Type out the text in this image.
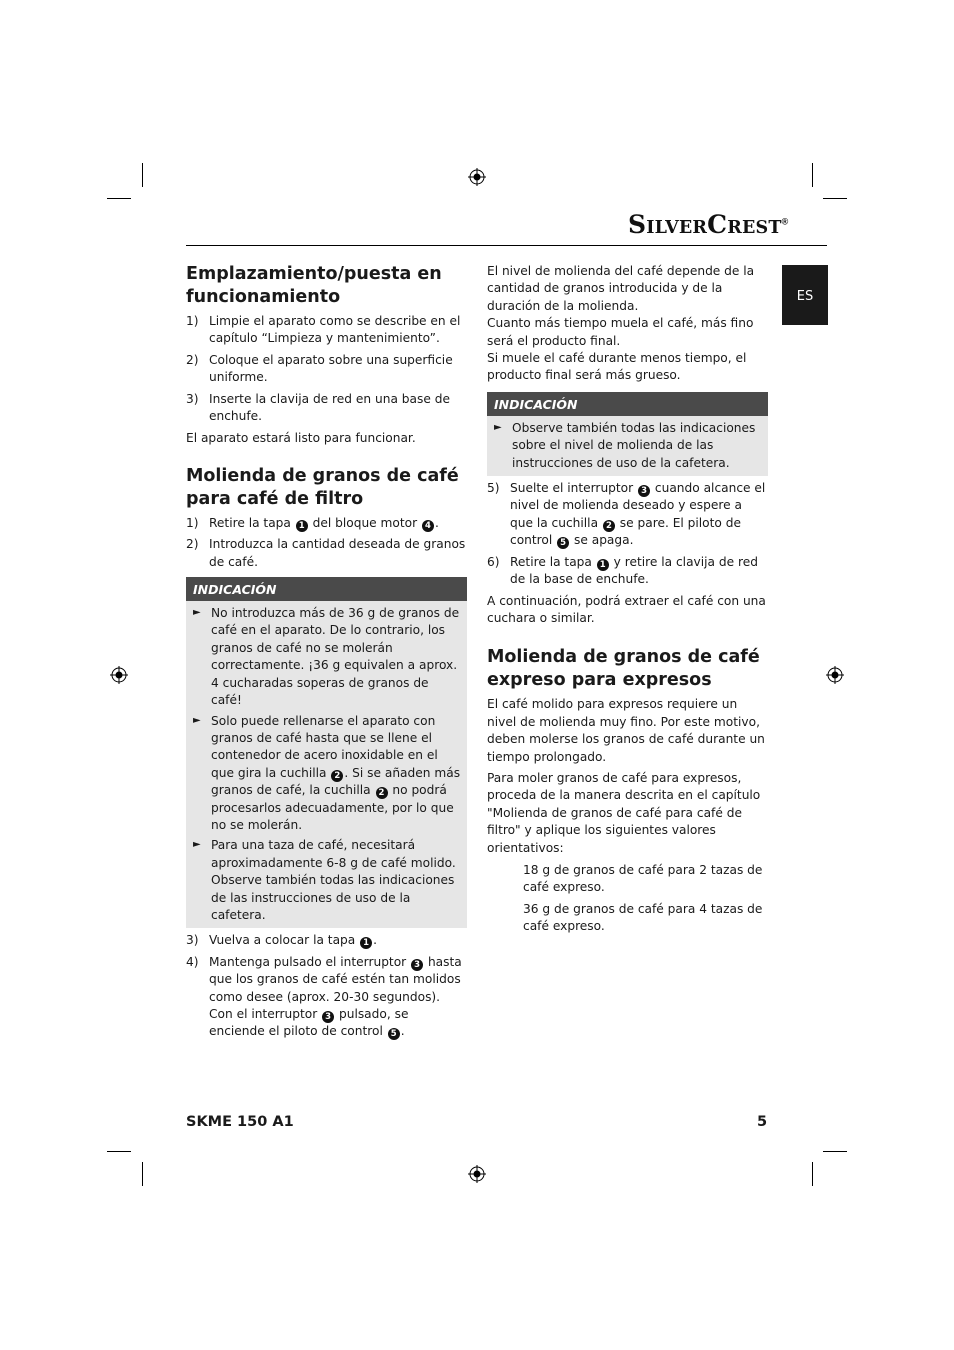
SILVERCREST®
ES
Emplazamiento/puesta en funcionamiento
1) Limpie el aparato como se describe en el capítulo “Limpieza y mantenimiento”.
2) Coloque el aparato sobre una superficie uniforme.
3) Inserte la clavija de red en una base de enchufe.

El aparato estará listo para funcionar.

Molienda de granos de café para café de filtro
1) Retire la tapa 1 del bloque motor 4 .
2) Introduzca la cantidad deseada de granos de café.
INDICACIÓN
► No introduzca más de 36 g de granos de café en el aparato. De lo contrario, los granos de café no se molerán correctamente. ¡36 g equivalen a aprox. 4 cucharadas soperas de granos de café!
► Solo puede rellenarse el aparato con granos de café hasta que se llene el contenedor de acero inoxidable en el que gira la cuchilla 2 . Si se añaden más granos de café, la cuchilla 2 no podrá procesarlos adecuadamente, por lo que no se molerán.
► Para una taza de café, necesitará aproximadamente 6-8 g de café molido. Observe también todas las indicaciones de las instrucciones de uso de la cafetera.
3) Vuelva a colocar la tapa 1 .
4) Mantenga pulsado el interruptor 3 hasta que los granos de café estén tan molidos como desee (aprox. 20-30 segundos). Con el interruptor 3 pulsado, se enciende el piloto de control 5 .

El nivel de molienda del café depende de la cantidad de granos introducida y de la duración de la molienda.

Cuanto más tiempo muela el café, más fino será el producto final.

Si muele el café durante menos tiempo, el producto final será más grueso.

INDICACIÓN
► Observe también todas las indicaciones sobre el nivel de molienda de las instrucciones de uso de la cafetera.
5) Suelte el interruptor 3 cuando alcance el nivel de molienda deseado y espere a que la cuchilla 2 se pare. El piloto de control 5 se apaga.
6) Retire la tapa 1 y retire la clavija de red de la base de enchufe.

A continuación, podrá extraer el café con una cuchara o similar.

Molienda de granos de café expreso para expresos

El café molido para expresos requiere un nivel de molienda muy fino. Por este motivo, deben molerse los granos de café durante un tiempo prolongado.

Para moler granos de café para expresos, proceda de la manera descrita en el capítulo "Molienda de granos de café para café de filtro" y aplique los siguientes valores orientativos:

18 g de granos de café para 2 tazas de café expreso.

36 g de granos de café para 4 tazas de café expreso.

SKME 150 A1	5
